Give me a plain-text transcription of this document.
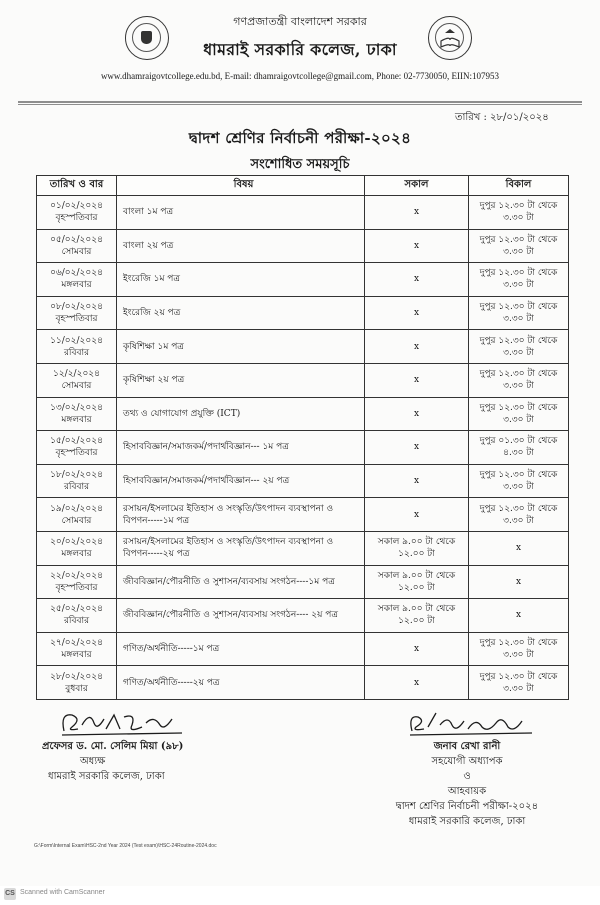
গণপ্রজাতন্ত্রী বাংলাদেশ সরকার
ধামরাই সরকারি কলেজ, ঢাকা
www.dhamraigovtcollege.edu.bd, E-mail: dhamraigovtcollege@gmail.com, Phone: 02-7730050, EIIN:107953
তারিখ : ২৮/০১/২০২৪
দ্বাদশ শ্রেণির নির্বাচনী পরীক্ষা-২০২৪
সংশোধিত সময়সূচি
তারিখ ও বার	বিষয়	সকাল	বিকাল

০১/০২/২০২৪
বৃহস্পতিবার	বাংলা ১ম পত্র	x	দুপুর ১২.৩০ টা থেকে ৩.৩০ টা

০৫/০২/২০২৪
সোমবার	বাংলা ২য় পত্র	x	দুপুর ১২.৩০ টা থেকে ৩.৩০ টা

০৬/০২/২০২৪
মঙ্গলবার	ইংরেজি ১ম পত্র	x	দুপুর ১২.৩০ টা থেকে ৩.৩০ টা

০৮/০২/২০২৪
বৃহস্পতিবার	ইংরেজি ২য় পত্র	x	দুপুর ১২.৩০ টা থেকে ৩.৩০ টা

১১/০২/২০২৪
রবিবার	কৃষিশিক্ষা ১ম পত্র	x	দুপুর ১২.৩০ টা থেকে ৩.৩০ টা

১২/২/২০২৪
সোমবার	কৃষিশিক্ষা ২য় পত্র	x	দুপুর ১২.৩০ টা থেকে ৩.৩০ টা

১৩/০২/২০২৪
মঙ্গলবার	তথ্য ও যোগাযোগ প্রযুক্তি (ICT)	x	দুপুর ১২.৩০ টা থেকে ৩.৩০ টা

১৫/০২/২০২৪
বৃহস্পতিবার	হিসাববিজ্ঞান/সমাজকর্ম/পদার্থবিজ্ঞান--- ১ম পত্র	x	দুপুর ০১.৩০ টা থেকে ৪.৩০ টা

১৮/০২/২০২৪
রবিবার	হিসাববিজ্ঞান/সমাজকর্ম/পদার্থবিজ্ঞান--- ২য় পত্র	x	দুপুর ১২.৩০ টা থেকে ৩.৩০ টা

১৯/০২/২০২৪
সোমবার	রসায়ন/ইসলামের ইতিহাস ও সংস্কৃতি/উৎপাদন ব্যবস্থাপনা ও বিপণন-----১ম পত্র	x	দুপুর ১২.৩০ টা থেকে ৩.৩০ টা

২০/০২/২০২৪
মঙ্গলবার	রসায়ন/ইসলামের ইতিহাস ও সংস্কৃতি/উৎপাদন ব্যবস্থাপনা ও বিপণন-----২য় পত্র	সকাল ৯.০০ টা থেকে ১২.০০ টা	x

২২/০২/২০২৪
বৃহস্পতিবার	জীববিজ্ঞান/পৌরনীতি ও সুশাসন/ব্যবসায় সংগঠন----১ম পত্র	সকাল ৯.০০ টা থেকে ১২.০০ টা	x

২৫/০২/২০২৪
রবিবার	জীববিজ্ঞান/পৌরনীতি ও সুশাসন/ব্যবসায় সংগঠন---- ২য় পত্র	সকাল ৯.০০ টা থেকে ১২.০০ টা	x

২৭/০২/২০২৪
মঙ্গলবার	গণিত/অর্থনীতি-----১ম পত্র	x	দুপুর ১২.৩০ টা থেকে ৩.৩০ টা

২৮/০২/২০২৪
বুধবার	গণিত/অর্থনীতি-----২য় পত্র	x	দুপুর ১২.৩০ টা থেকে ৩.৩০ টা
প্রফেসর ড. মো. সেলিম মিয়া (৯৮)
অধ্যক্ষ
ধামরাই সরকারি কলেজ, ঢাকা
জনাব রেখা রানী
সহযোগী অধ্যাপক
ও
আহবায়ক
দ্বাদশ শ্রেণির নির্বাচনী পরীক্ষা-২০২৪
ধামরাই সরকারি কলেজ, ঢাকা
G:\Form\Internal Exam\HSC-2nd Year 2024 (Test exam)\HSC-24Routine-2024.doc
CS Scanned with CamScanner
